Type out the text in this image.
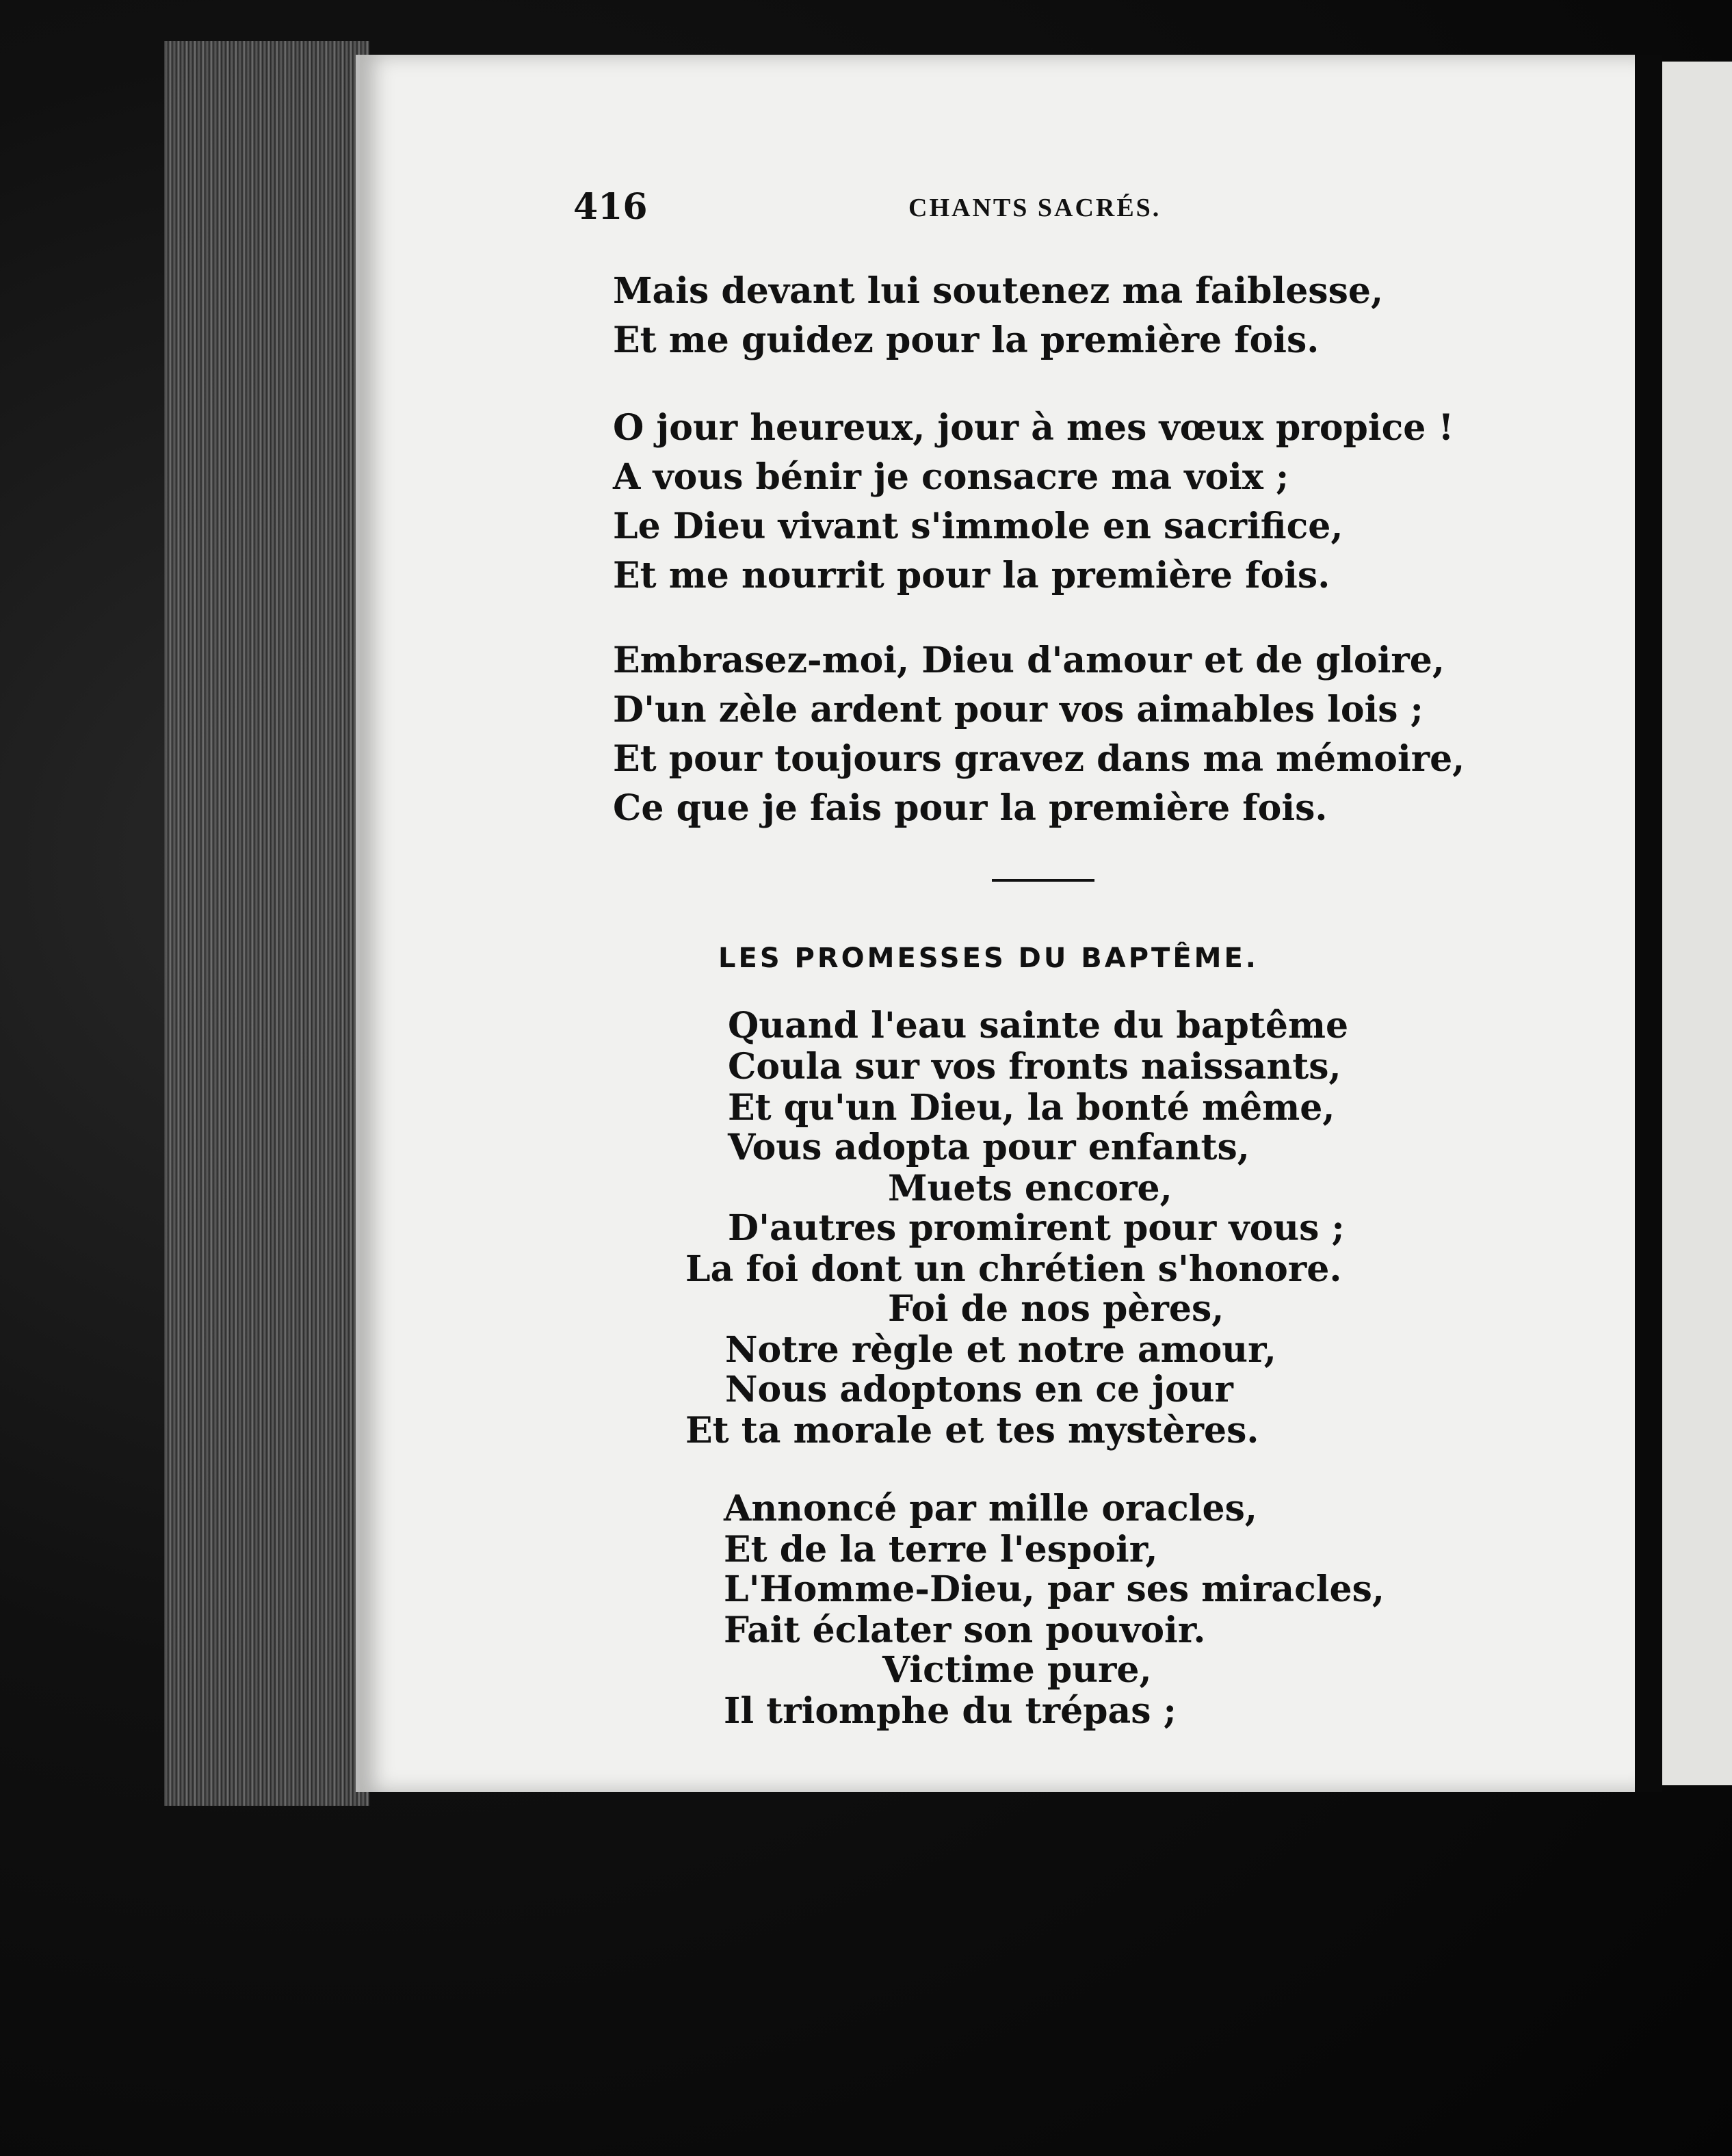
416	CHANTS SACRÉS.
Mais devant lui soutenez ma faiblesse,
Et me guidez pour la première fois.
O jour heureux, jour à mes vœux propice !
A vous bénir je consacre ma voix ;
Le Dieu vivant s'immole en sacrifice,
Et me nourrit pour la première fois.
Embrasez-moi, Dieu d'amour et de gloire,
D'un zèle ardent pour vos aimables lois ;
Et pour toujours gravez dans ma mémoire,
Ce que je fais pour la première fois.
LES PROMESSES DU BAPTÊME.
Quand l'eau sainte du baptême
Coula sur vos fronts naissants,
Et qu'un Dieu, la bonté même,
Vous adopta pour enfants,
Muets encore,
D'autres promirent pour vous ;
La foi dont un chrétien s'honore.
Foi de nos pères,
Notre règle et notre amour,
Nous adoptons en ce jour
Et ta morale et tes mystères.
Annoncé par mille oracles,
Et de la terre l'espoir,
L'Homme-Dieu, par ses miracles,
Fait éclater son pouvoir.
Victime pure,
Il triomphe du trépas ;
